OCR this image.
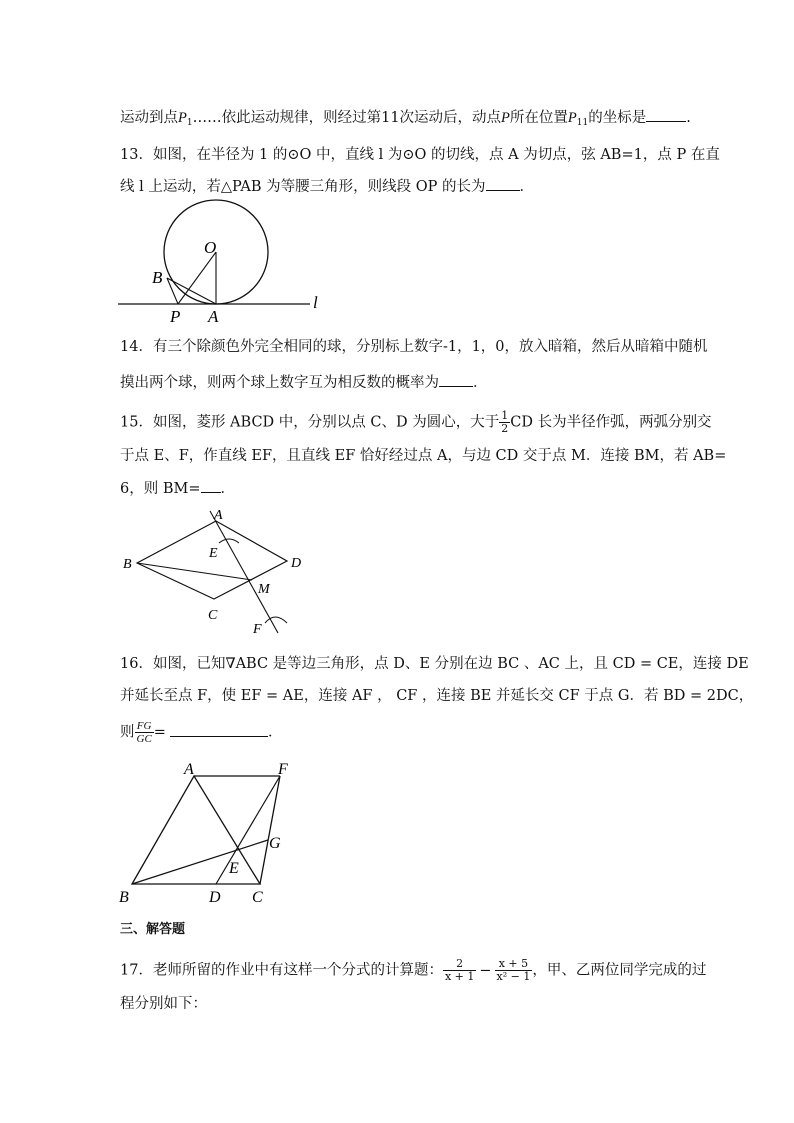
运动到点$P_1\dots\dots$依此运动规律，则经过第11次运动后，动点P所在位置$P_{11}$的坐标是	.
13．如图，在半径为 1 的⊙O 中，直线 l 为⊙O 的切线，点 A 为切点，弦 AB=1，点 P 在直
线 l 上运动，若△PAB 为等腰三角形，则线段 OP 的长为 ．
O
B
P A
l
14．有三个除颜色外完全相同的球，分别标上数字-1，1，0，放入暗箱，然后从暗箱中随机
摸出两个球，则两个球上数字互为相反数的概率为 ．
15．如图，菱形 ABCD 中，分别以点 C、D 为圆心，大于 $\frac{1}{2}$ CD 长为半径作弧，两弧分别交
于点 E、F，作直线 EF，且直线 EF 恰好经过点 A，与边 CD 交于点 M．连接 BM，若 AB=
6，则 BM= ．
A
E
B	D
M
C
F
16．如图，已知∇ABC 是等边三角形，点 D、E 分别在边 BC 、AC 上，且 CD = CE，连接 DE
并延长至点 F，使 EF = AE，连接 AF ， CF ，连接 BE 并延长交 CF 于点 G．若 BD = 2DC，
则 $\frac{FG}{GC}$ =	．
A	F
G
E
B	D C
三、解答题
17．老师所留的作业中有这样一个分式的计算题： $\frac{2}{x + 1} - \frac{x + 5}{\text{x² − 1}}$ ，甲、乙两位同学完成的过
程分别如下：
